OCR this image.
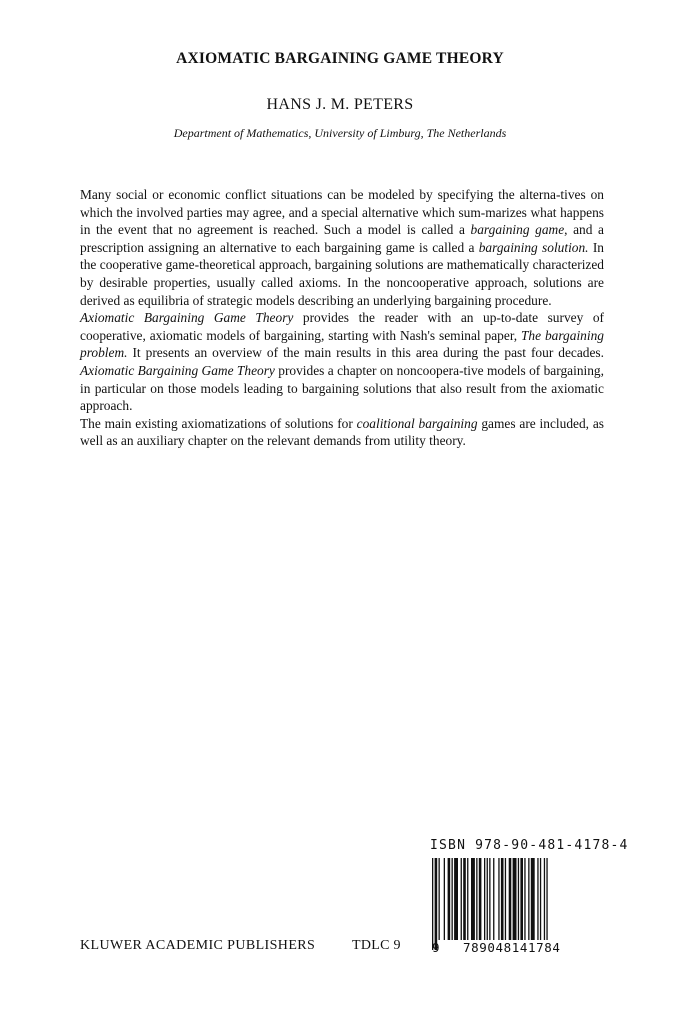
AXIOMATIC BARGAINING GAME THEORY
HANS J. M. PETERS
Department of Mathematics, University of Limburg, The Netherlands

Many social or economic conflict situations can be modeled by specifying the alterna-tives on which the involved parties may agree, and a special alternative which sum-marizes what happens in the event that no agreement is reached. Such a model is called a bargaining game, and a prescription assigning an alternative to each bargaining game is called a bargaining solution. In the cooperative game-theoretical approach, bargaining solutions are mathematically characterized by desirable properties, usually called axioms. In the noncooperative approach, solutions are derived as equilibria of strategic models describing an underlying bargaining procedure.

Axiomatic Bargaining Game Theory provides the reader with an up-to-date survey of cooperative, axiomatic models of bargaining, starting with Nash's seminal paper, The bargaining problem. It presents an overview of the main results in this area during the past four decades. Axiomatic Bargaining Game Theory provides a chapter on noncoopera-tive models of bargaining, in particular on those models leading to bargaining solutions that also result from the axiomatic approach.

The main existing axiomatizations of solutions for coalitional bargaining games are included, as well as an auxiliary chapter on the relevant demands from utility theory.

ISBN 978-90-481-4178-4
9 789048141784
KLUWER ACADEMIC PUBLISHERS	TDLC 9
